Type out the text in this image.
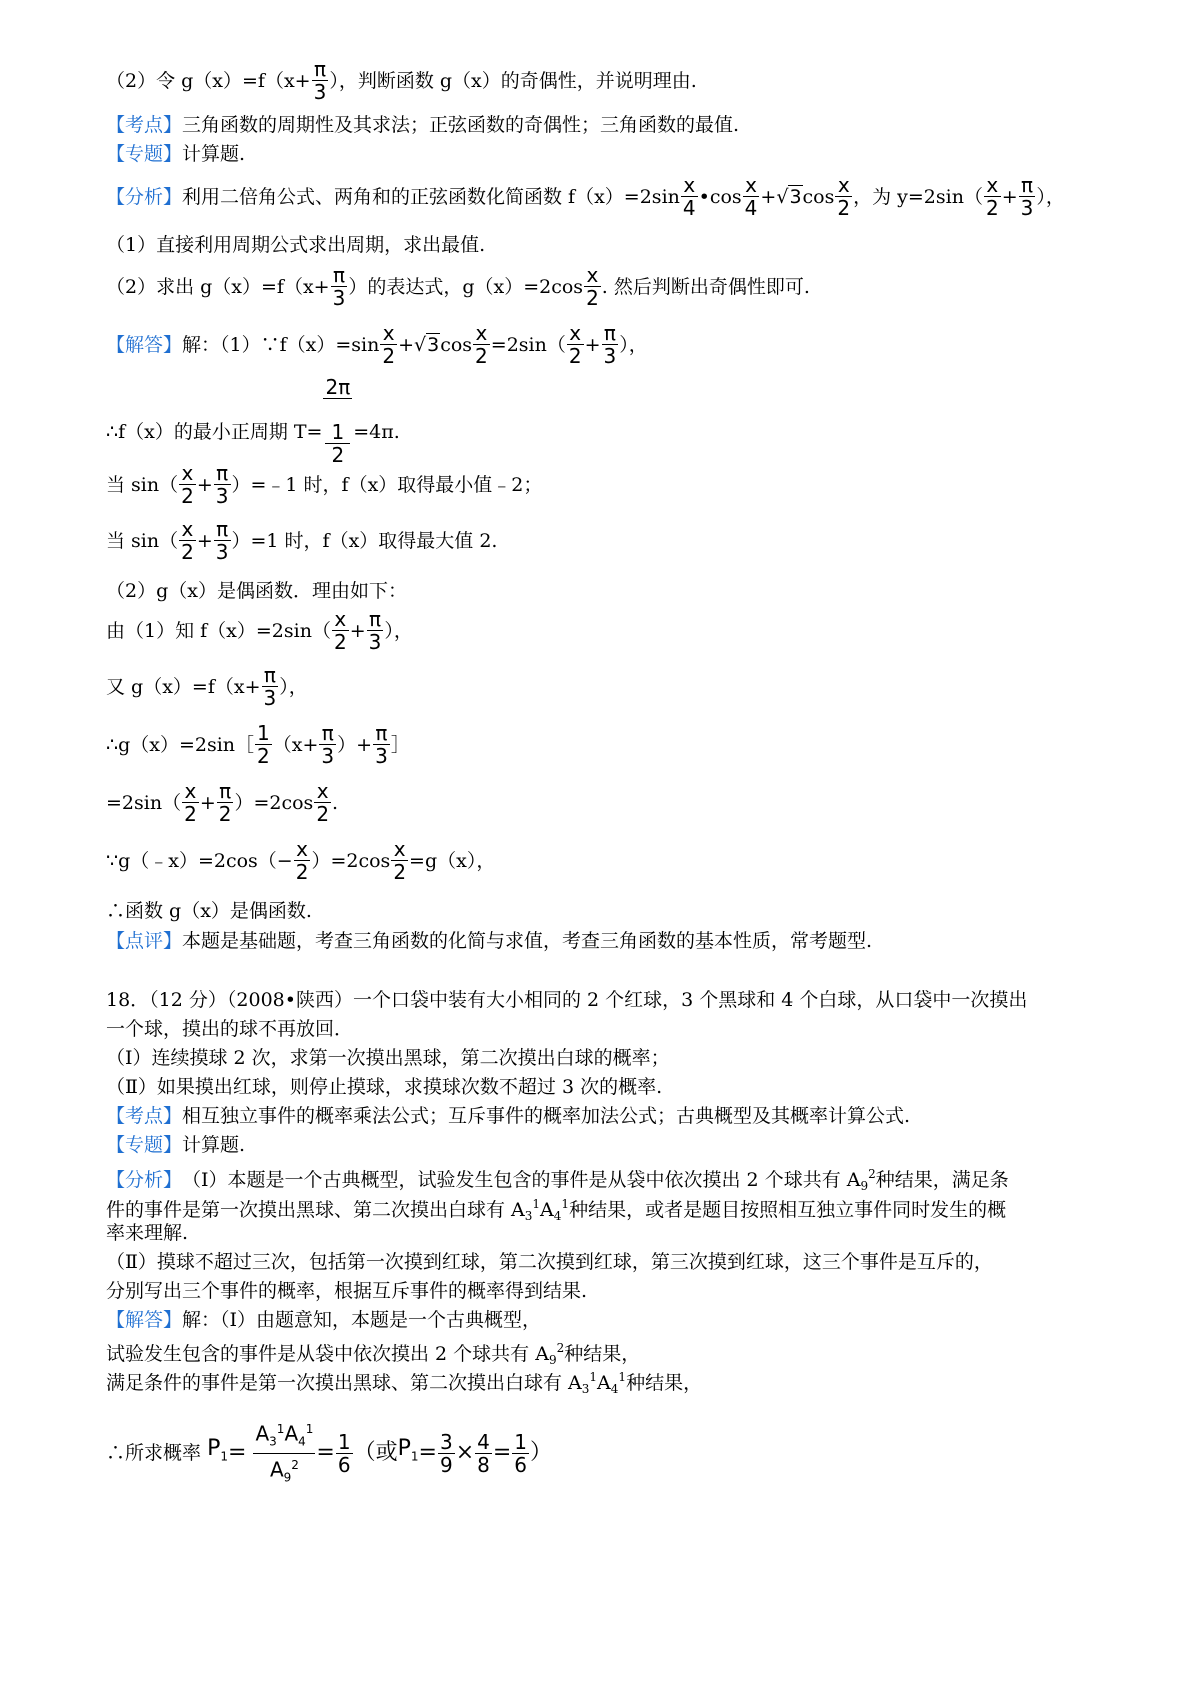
（2）令 $g(x)=f(x+ \frac{\pi}{3}$ ），判断函数 g（x）的奇偶性，并说明理由.
【考点】三角函数的周期性及其求法；正弦函数的奇偶性；三角函数的最值.
【专题】计算题.
【分析】利用二倍角公式、两角和的正弦函数化简函数 $f(x)=2\sin \frac{x}{4}$ •cos $\frac{x}{4} +√3\cos \frac{x}{2}$ ，为 $y=2\sin( \frac{x}{2} + \frac{\pi}{3}$ ），
（1）直接利用周期公式求出周期，求出最值.
（2）求出 $g(x)=f(x+ \frac{\pi}{3}$ ）的表达式，$g(x)=2\cos \frac{x}{2}$ . 然后判断出奇偶性即可.
【解答】解：（1）∵f（x）=sin $\frac{x}{2} +√3\cos \frac{x}{2} =2\sin( \frac{x}{2} + \frac{\pi}{3}$ ），
∴f（x）的最小正周期 T= 2π
1
2 =4π.
当 $\sin( \frac{x}{2} + \frac{\pi}{3}$ ）=﹣1 时，f（x）取得最小值﹣2；
当 $\sin( \frac{x}{2} + \frac{\pi}{3} )=1$ 时，f（x）取得最大值 2.
（2）g（x）是偶函数．理由如下：
由（1）知 $f(x)=2\sin( \frac{x}{2} + \frac{\pi}{3}$ ），
又 $g(x)=f(x+ \frac{\pi}{3}$ ），
∴g（x）=2sin［ $\frac{1}{2} (x+ \frac{\pi}{3}$ ）+ $\frac{\pi}{3}$ ］
$=2\sin( \frac{x}{2} + \frac{\pi}{2} )=2\cos \frac{x}{2}$ .
∵g（﹣x）=2cos（− $\frac{x}{2} )=2\cos \frac{x}{2} =g(x)$，
∴函数 g（x）是偶函数.
【点评】本题是基础题，考查三角函数的化简与求值，考查三角函数的基本性质，常考题型.
18．（12 分）（2008•陕西）一个口袋中装有大小相同的 2 个红球，3 个黑球和 4 个白球，从口袋中一次摸出
一个球，摸出的球不再放回．
（Ⅰ）连续摸球 2 次，求第一次摸出黑球，第二次摸出白球的概率；
（Ⅱ）如果摸出红球，则停止摸球，求摸球次数不超过 3 次的概率.
【考点】相互独立事件的概率乘法公式；互斥事件的概率加法公式；古典概型及其概率计算公式.
【专题】计算题.
【分析】（Ⅰ）本题是一个古典概型，试验发生包含的事件是从袋中依次摸出 2 个球共有 $A_9^2$种结果，满足条
件的事件是第一次摸出黑球、第二次摸出白球有 $A_3^1A_4^1$种结果，或者是题目按照相互独立事件同时发生的概
率来理解.
（Ⅱ）摸球不超过三次，包括第一次摸到红球，第二次摸到红球，第三次摸到红球，这三个事件是互斥的，
分别写出三个事件的概率，根据互斥事件的概率得到结果.
【解答】解：（Ⅰ）由题意知，本题是一个古典概型，
试验发生包含的事件是从袋中依次摸出 2 个球共有 $A_9^2$种结果，
满足条件的事件是第一次摸出黑球、第二次摸出白球有 $A_3^1A_4^1$种结果，
∴所求概率 $P_1= \frac{A_3^1A_4^1}{A_9^2} = \frac{1}{6}$ （或$P_1= \frac{3}{9} \times \frac{4}{8} = \frac{1}{6}$ ）
